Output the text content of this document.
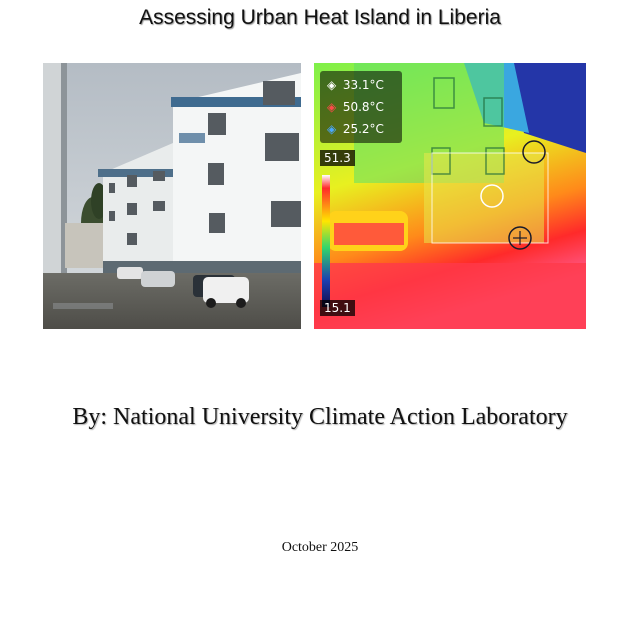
Assessing Urban Heat Island in Liberia
◈ 33.1°C
◈ 50.8°C
◈ 25.2°C
51.3
15.1
By: National University Climate Action Laboratory
October 2025
